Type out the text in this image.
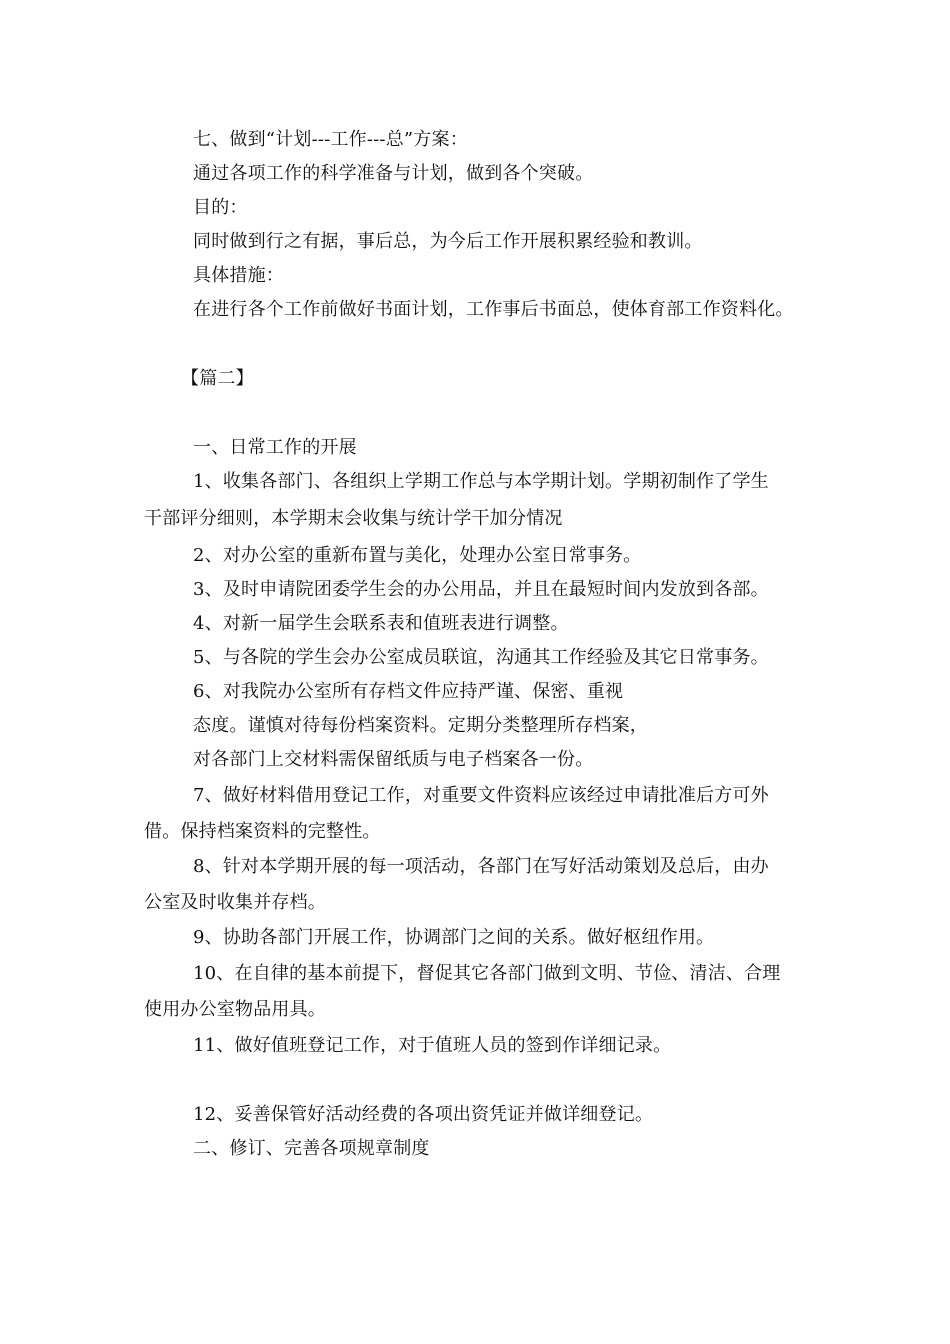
七、做到“计划---工作---总”方案：
通过各项工作的科学准备与计划，做到各个突破。
目的：
同时做到行之有据，事后总，为今后工作开展积累经验和教训。
具体措施：
在进行各个工作前做好书面计划，工作事后书面总，使体育部工作资料化。
【篇二】
一、日常工作的开展
1、收集各部门、各组织上学期工作总与本学期计划。学期初制作了学生
干部评分细则，本学期末会收集与统计学干加分情况
2、对办公室的重新布置与美化，处理办公室日常事务。
3、及时申请院团委学生会的办公用品，并且在最短时间内发放到各部。
4、对新一届学生会联系表和值班表进行调整。
5、与各院的学生会办公室成员联谊，沟通其工作经验及其它日常事务。
6、对我院办公室所有存档文件应持严谨、保密、重视
态度。谨慎对待每份档案资料。定期分类整理所存档案，
对各部门上交材料需保留纸质与电子档案各一份。
7、做好材料借用登记工作，对重要文件资料应该经过申请批准后方可外
借。保持档案资料的完整性。
8、针对本学期开展的每一项活动，各部门在写好活动策划及总后，由办
公室及时收集并存档。
9、协助各部门开展工作，协调部门之间的关系。做好枢纽作用。
10、在自律的基本前提下，督促其它各部门做到文明、节俭、清洁、合理
使用办公室物品用具。
11、做好值班登记工作，对于值班人员的签到作详细记录。
12、妥善保管好活动经费的各项出资凭证并做详细登记。
二、修订、完善各项规章制度
